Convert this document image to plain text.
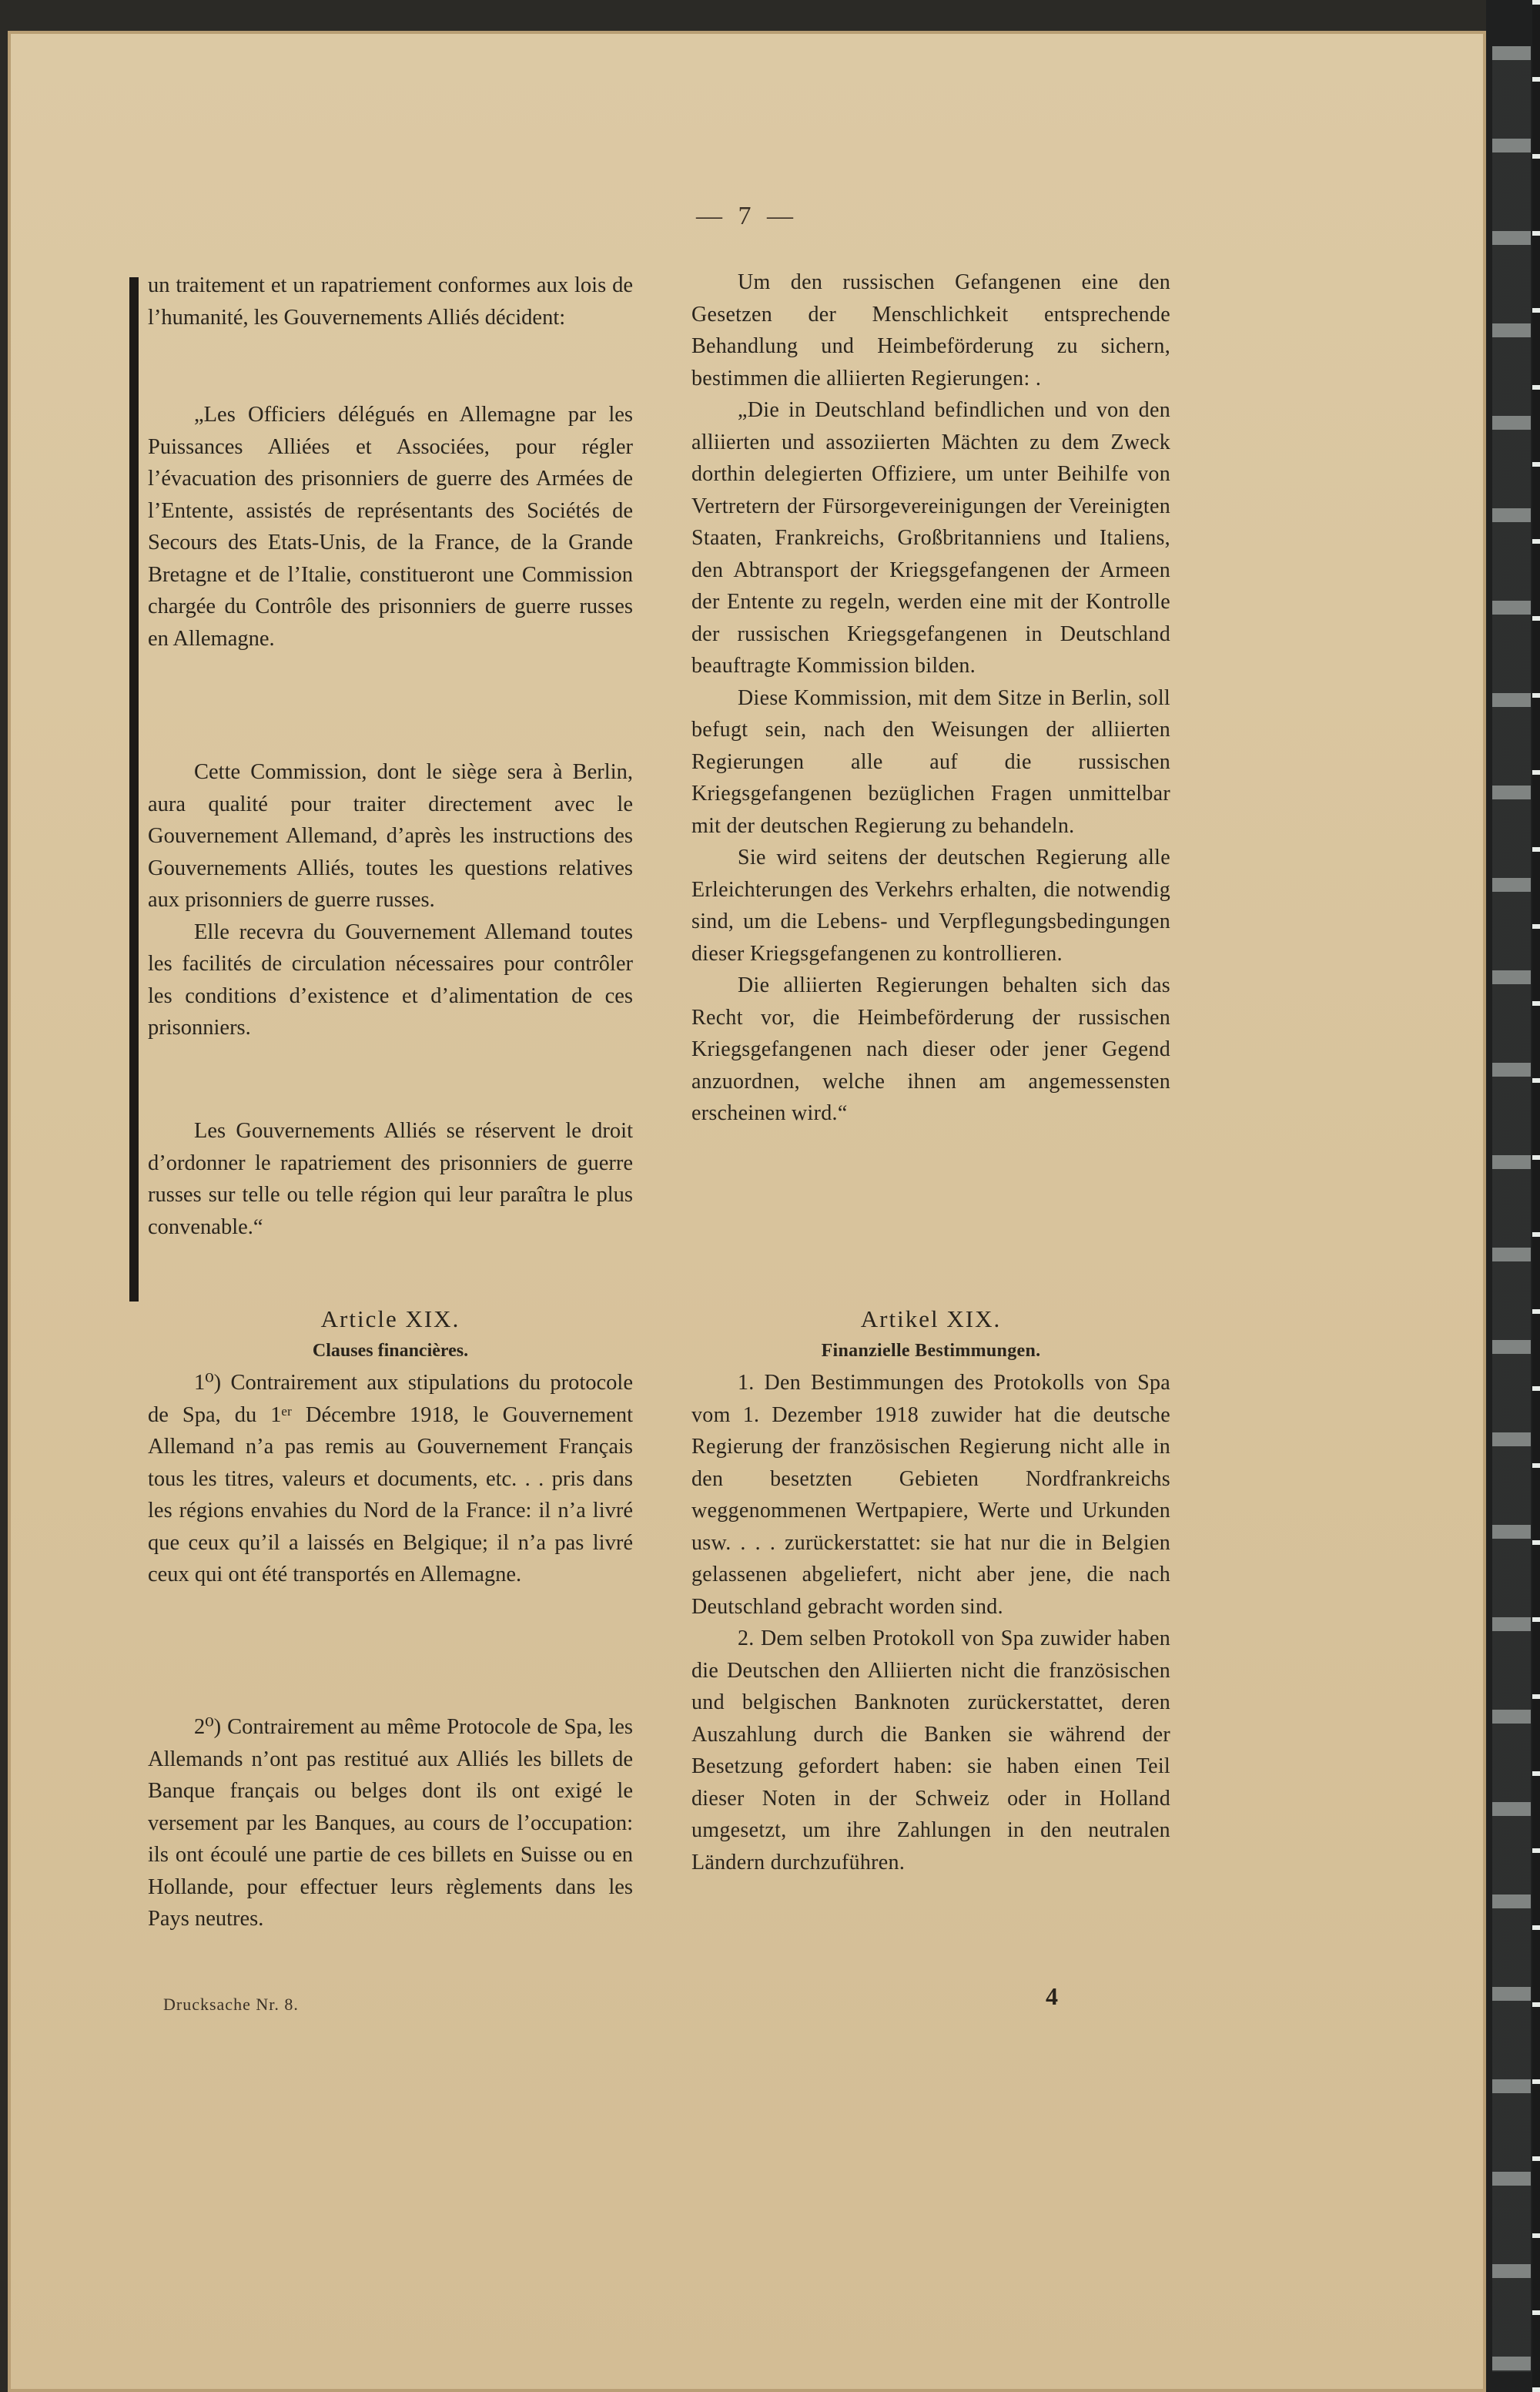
— 7 —

un traitement et un rapatriement conformes aux lois de l’humanité, les Gouvernements Alliés décident:

„Les Officiers délégués en Allemagne par les Puissances Alliées et Associées, pour régler l’évacuation des prisonniers de guerre des Armées de l’Entente, assistés de représentants des Sociétés de Secours des Etats-Unis, de la France, de la Grande Bretagne et de l’Italie, constitueront une Commission chargée du Contrôle des prisonniers de guerre russes en Allemagne.

Cette Commission, dont le siège sera à Berlin, aura qualité pour traiter directement avec le Gouvernement Allemand, d’après les instructions des Gouvernements Alliés, toutes les questions relatives aux prisonniers de guerre russes.

Elle recevra du Gouvernement Allemand toutes les facilités de circulation nécessaires pour contrôler les conditions d’existence et d’alimentation de ces prisonniers.

Les Gouvernements Alliés se réservent le droit d’ordonner le rapatriement des prisonniers de guerre russes sur telle ou telle région qui leur paraîtra le plus convenable.“

Article XIX.

Clauses financières.

1⁰) Contrairement aux stipulations du protocole de Spa, du 1ᵉʳ Décembre 1918, le Gouvernement Allemand n’a pas remis au Gouvernement Français tous les titres, valeurs et documents, etc. . . pris dans les régions envahies du Nord de la France: il n’a livré que ceux qu’il a laissés en Belgique; il n’a pas livré ceux qui ont été transportés en Allemagne.

2⁰) Contrairement au même Protocole de Spa, les Allemands n’ont pas restitué aux Alliés les billets de Banque français ou belges dont ils ont exigé le versement par les Banques, au cours de l’occupation: ils ont écoulé une partie de ces billets en Suisse ou en Hollande, pour effectuer leurs règlements dans les Pays neutres.

Um den russischen Gefangenen eine den Gesetzen der Menschlichkeit entsprechende Behandlung und Heimbeförderung zu sichern, bestimmen die alliierten Regierungen: .

„Die in Deutschland befindlichen und von den alliierten und assoziierten Mächten zu dem Zweck dorthin delegierten Offiziere, um unter Beihilfe von Vertretern der Fürsorgevereinigungen der Vereinigten Staaten, Frankreichs, Großbritanniens und Italiens, den Abtransport der Kriegsgefangenen der Armeen der Entente zu regeln, werden eine mit der Kontrolle der russischen Kriegsgefangenen in Deutschland beauftragte Kommission bilden.

Diese Kommission, mit dem Sitze in Berlin, soll befugt sein, nach den Weisungen der alliierten Regierungen alle auf die russischen Kriegsgefangenen bezüglichen Fragen unmittelbar mit der deutschen Regierung zu behandeln.

Sie wird seitens der deutschen Regierung alle Erleichterungen des Verkehrs erhalten, die notwendig sind, um die Lebens- und Verpflegungsbedingungen dieser Kriegsgefangenen zu kontrollieren.

Die alliierten Regierungen behalten sich das Recht vor, die Heimbeförderung der russischen Kriegsgefangenen nach dieser oder jener Gegend anzuordnen, welche ihnen am angemessensten erscheinen wird.“

Artikel XIX.

Finanzielle Bestimmungen.

1. Den Bestimmungen des Protokolls von Spa vom 1. Dezember 1918 zuwider hat die deutsche Regierung der französischen Regierung nicht alle in den besetzten Gebieten Nordfrankreichs weggenommenen Wertpapiere, Werte und Urkunden usw. . . . zurückerstattet: sie hat nur die in Belgien gelassenen abgeliefert, nicht aber jene, die nach Deutschland gebracht worden sind.

2. Dem selben Protokoll von Spa zuwider haben die Deutschen den Alliierten nicht die französischen und belgischen Banknoten zurückerstattet, deren Auszahlung durch die Banken sie während der Besetzung gefordert haben: sie haben einen Teil dieser Noten in der Schweiz oder in Holland umgesetzt, um ihre Zahlungen in den neutralen Ländern durchzuführen.

Drucksache Nr. 8.	4
